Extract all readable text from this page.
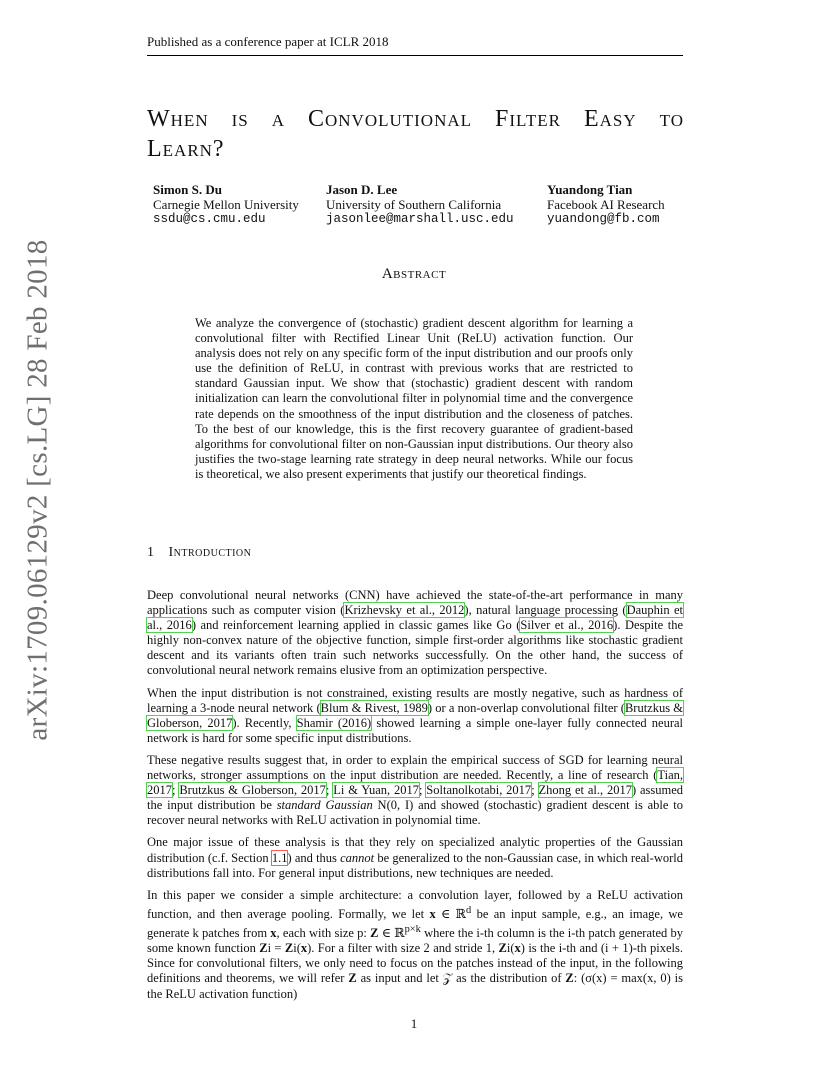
Published as a conference paper at ICLR 2018
When is a Convolutional Filter Easy to Learn?
Simon S. Du
Carnegie Mellon University
ssdu@cs.cmu.edu
Jason D. Lee
University of Southern California
jasonlee@marshall.usc.edu
Yuandong Tian
Facebook AI Research
yuandong@fb.com
Abstract
We analyze the convergence of (stochastic) gradient descent algorithm for learning a convolutional filter with Rectified Linear Unit (ReLU) activation function. Our analysis does not rely on any specific form of the input distribution and our proofs only use the definition of ReLU, in contrast with previous works that are restricted to standard Gaussian input. We show that (stochastic) gradient descent with random initialization can learn the convolutional filter in polynomial time and the convergence rate depends on the smoothness of the input distribution and the closeness of patches. To the best of our knowledge, this is the first recovery guarantee of gradient-based algorithms for convolutional filter on non-Gaussian input distributions. Our theory also justifies the two-stage learning rate strategy in deep neural networks. While our focus is theoretical, we also present experiments that justify our theoretical findings.
arXiv:1709.06129v2 [cs.LG] 28 Feb 2018	1 Introduction

Deep convolutional neural networks (CNN) have achieved the state-of-the-art performance in many applications such as computer vision (Krizhevsky et al., 2012), natural language processing (Dauphin et al., 2016) and reinforcement learning applied in classic games like Go (Silver et al., 2016). Despite the highly non-convex nature of the objective function, simple first-order algorithms like stochastic gradient descent and its variants often train such networks successfully. On the other hand, the success of convolutional neural network remains elusive from an optimization perspective.

When the input distribution is not constrained, existing results are mostly negative, such as hardness of learning a 3-node neural network (Blum & Rivest, 1989) or a non-overlap convolutional filter (Brutzkus & Globerson, 2017). Recently, Shamir (2016) showed learning a simple one-layer fully connected neural network is hard for some specific input distributions.

These negative results suggest that, in order to explain the empirical success of SGD for learning neural networks, stronger assumptions on the input distribution are needed. Recently, a line of research (Tian, 2017; Brutzkus & Globerson, 2017; Li & Yuan, 2017; Soltanolkotabi, 2017; Zhong et al., 2017) assumed the input distribution be standard Gaussian N(0, I) and showed (stochastic) gradient descent is able to recover neural networks with ReLU activation in polynomial time.

One major issue of these analysis is that they rely on specialized analytic properties of the Gaussian distribution (c.f. Section 1.1) and thus cannot be generalized to the non-Gaussian case, in which real-world distributions fall into. For general input distributions, new techniques are needed.

In this paper we consider a simple architecture: a convolution layer, followed by a ReLU activation function, and then average pooling. Formally, we let x ∈ ℝ$^d$ be an input sample, e.g., an image, we generate k patches from x, each with size p: Z ∈ ℝ$^{p\times k}$ where the i-th column is the i-th patch generated by some known function Zi = Zi(x). For a filter with size 2 and stride 1, Zi(x) is the i-th and (i + 1)-th pixels. Since for convolutional filters, we only need to focus on the patches instead of the input, in the following definitions and theorems, we will refer Z as input and let 𝒵 as the distribution of Z: (σ(x) = max(x, 0) is the ReLU activation function)

1
